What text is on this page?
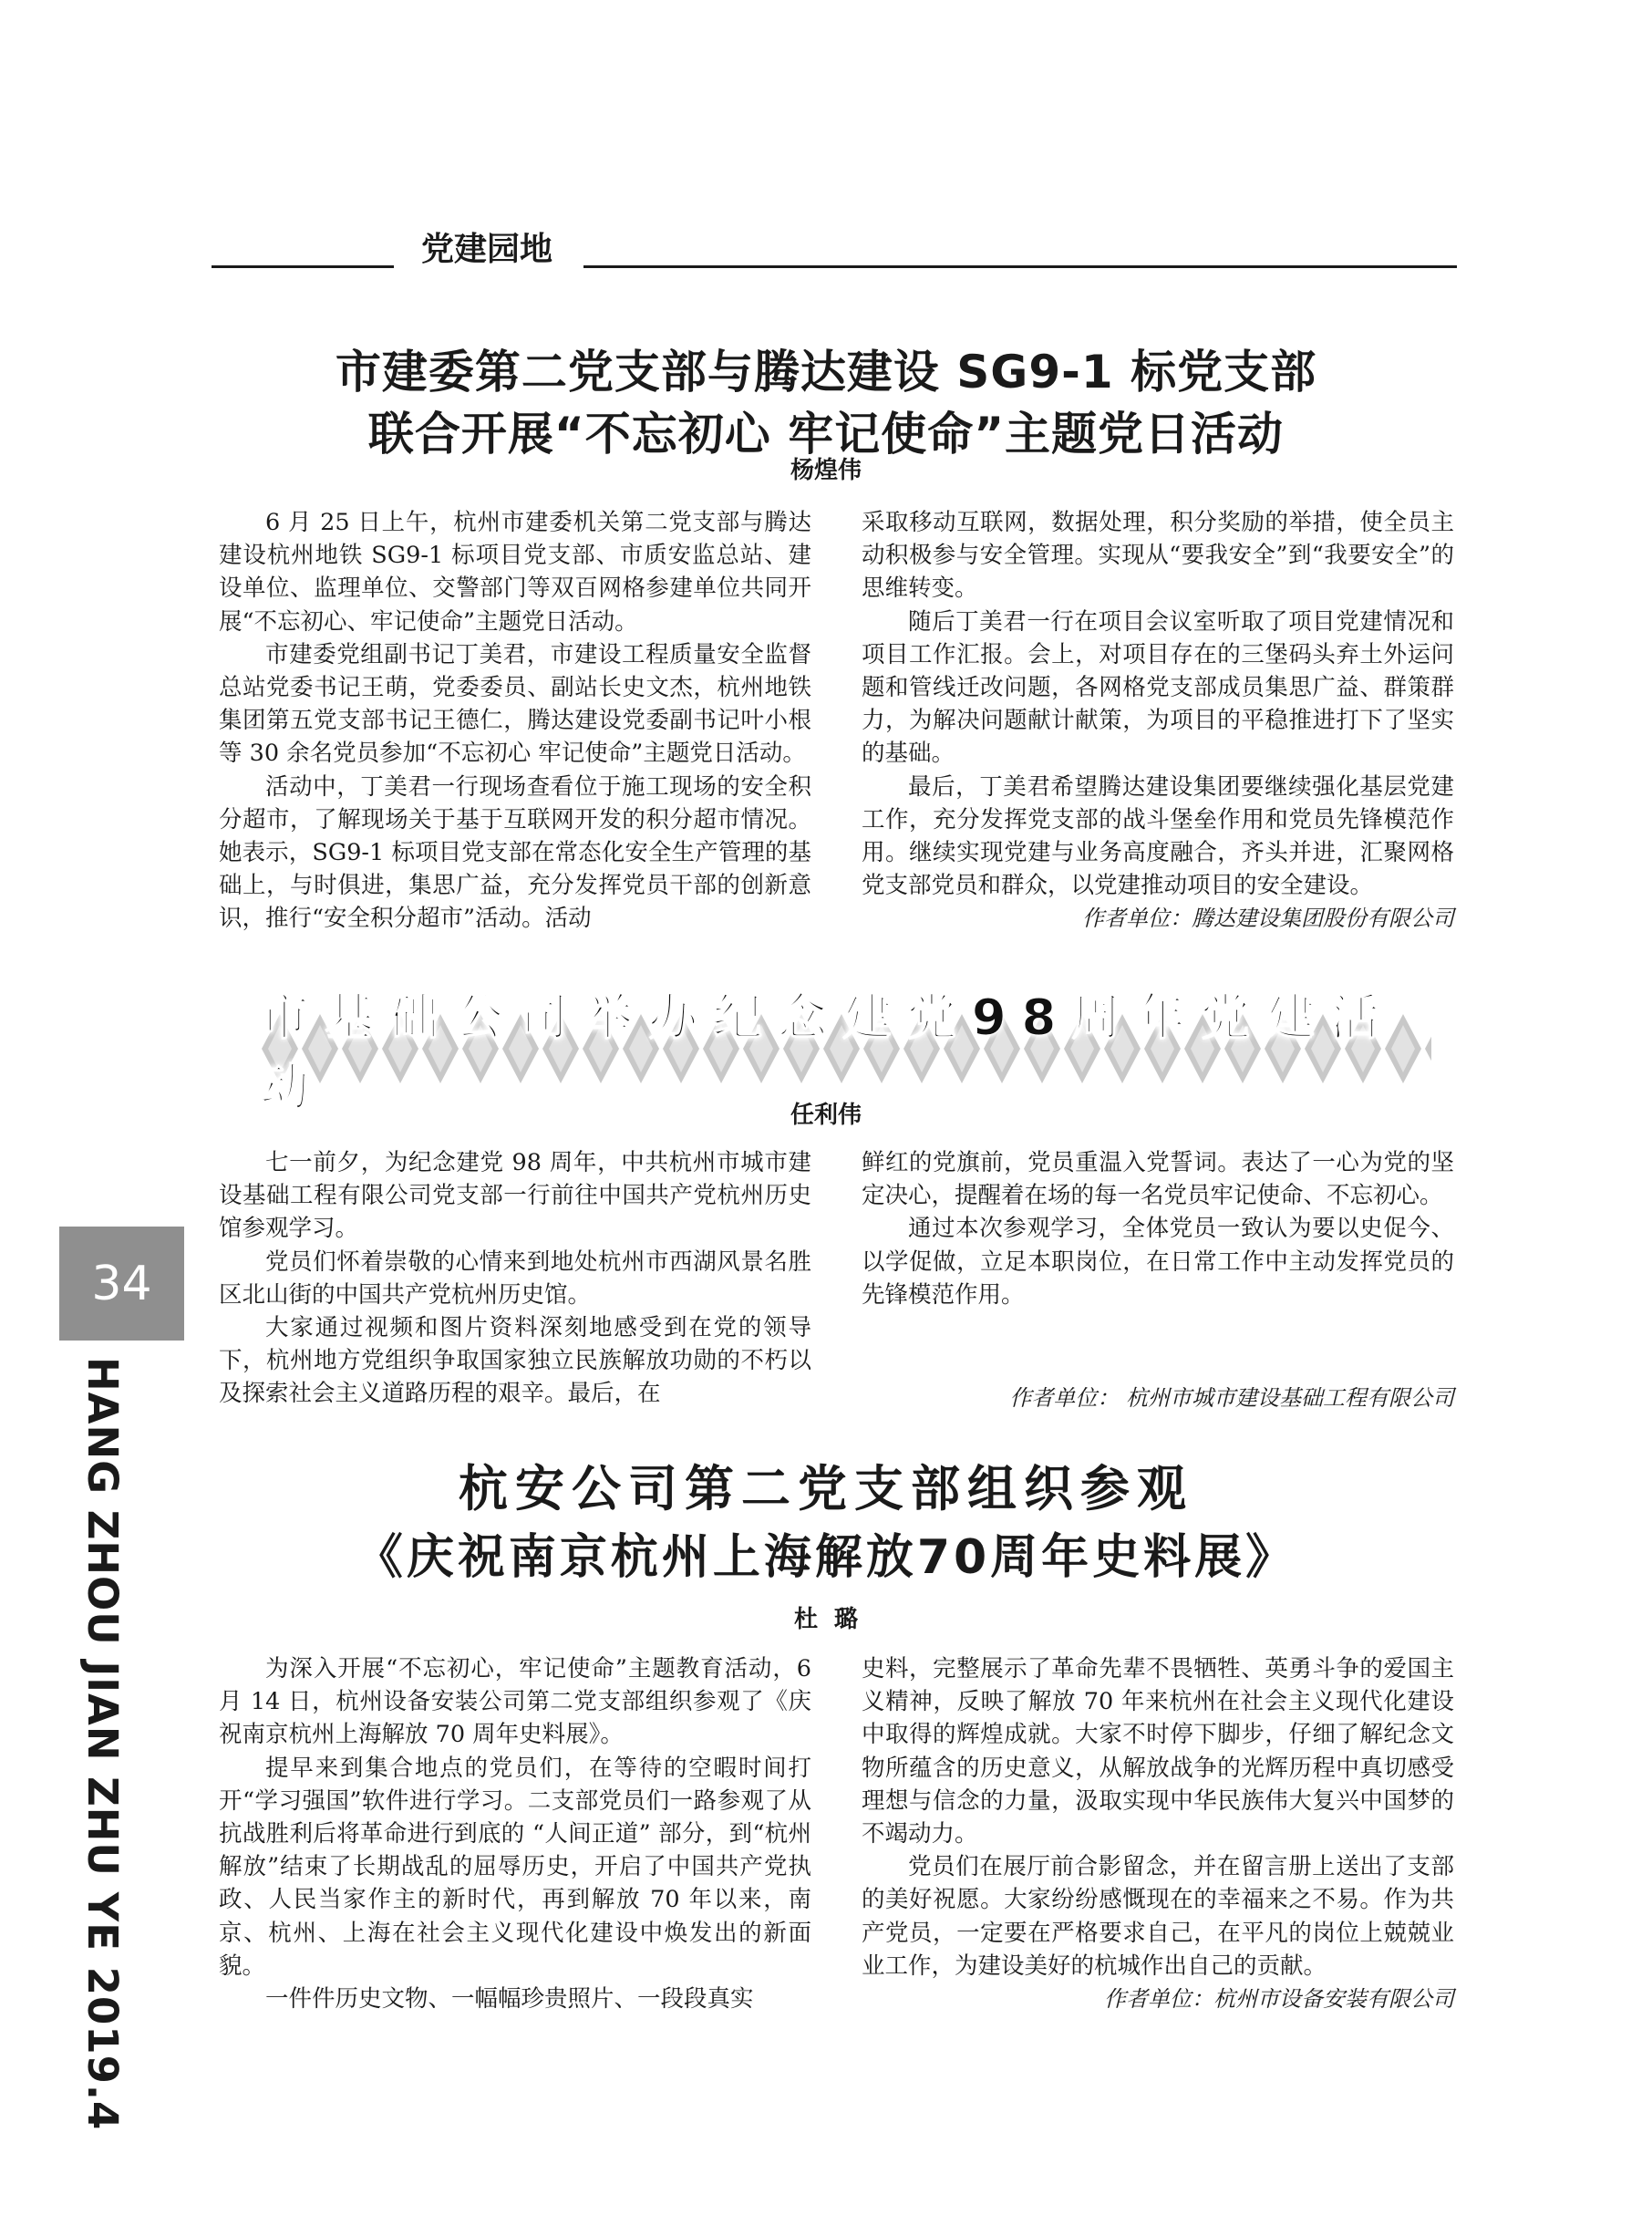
党建园地
市建委第二党支部与腾达建设 SG9-1 标党支部
联合开展“不忘初心 牢记使命”主题党日活动
杨煌伟

6 月 25 日上午，杭州市建委机关第二党支部与腾达建设杭州地铁 SG9-1 标项目党支部、市质安监总站、建设单位、监理单位、交警部门等双百网格参建单位共同开展“不忘初心、牢记使命”主题党日活动。

市建委党组副书记丁美君，市建设工程质量安全监督总站党委书记王萌，党委委员、副站长史文杰，杭州地铁集团第五党支部书记王德仁，腾达建设党委副书记叶小根等 30 余名党员参加“不忘初心 牢记使命”主题党日活动。

活动中，丁美君一行现场查看位于施工现场的安全积分超市，了解现场关于基于互联网开发的积分超市情况。她表示，SG9-1 标项目党支部在常态化安全生产管理的基础上，与时俱进，集思广益，充分发挥党员干部的创新意识，推行“安全积分超市”活动。活动

采取移动互联网，数据处理，积分奖励的举措，使全员主动积极参与安全管理。实现从“要我安全”到“我要安全”的思维转变。

随后丁美君一行在项目会议室听取了项目党建情况和项目工作汇报。会上，对项目存在的三堡码头弃土外运问题和管线迁改问题，各网格党支部成员集思广益、群策群力，为解决问题献计献策，为项目的平稳推进打下了坚实的基础。

最后，丁美君希望腾达建设集团要继续强化基层党建工作，充分发挥党支部的战斗堡垒作用和党员先锋模范作用。继续实现党建与业务高度融合，齐头并进，汇聚网格党支部党员和群众，以党建推动项目的安全建设。

作者单位：腾达建设集团股份有限公司

市基础公司举办纪念建党98周年党建活动	任利伟

七一前夕，为纪念建党 98 周年，中共杭州市城市建设基础工程有限公司党支部一行前往中国共产党杭州历史馆参观学习。

党员们怀着崇敬的心情来到地处杭州市西湖风景名胜区北山街的中国共产党杭州历史馆。

大家通过视频和图片资料深刻地感受到在党的领导下，杭州地方党组织争取国家独立民族解放功勋的不朽以及探索社会主义道路历程的艰辛。最后，在

鲜红的党旗前，党员重温入党誓词。表达了一心为党的坚定决心，提醒着在场的每一名党员牢记使命、不忘初心。

通过本次参观学习，全体党员一致认为要以史促今、以学促做，立足本职岗位，在日常工作中主动发挥党员的先锋模范作用。

作者单位： 杭州市城市建设基础工程有限公司

杭安公司第二党支部组织参观
《庆祝南京杭州上海解放70周年史料展》
杜  璐

为深入开展“不忘初心，牢记使命”主题教育活动，6 月 14 日，杭州设备安装公司第二党支部组织参观了《庆祝南京杭州上海解放 70 周年史料展》。

提早来到集合地点的党员们，在等待的空暇时间打开“学习强国”软件进行学习。二支部党员们一路参观了从抗战胜利后将革命进行到底的 “人间正道” 部分，到“杭州解放”结束了长期战乱的屈辱历史，开启了中国共产党执政、人民当家作主的新时代，再到解放 70 年以来，南京、杭州、上海在社会主义现代化建设中焕发出的新面貌。

一件件历史文物、一幅幅珍贵照片、一段段真实

史料，完整展示了革命先辈不畏牺牲、英勇斗争的爱国主义精神，反映了解放 70 年来杭州在社会主义现代化建设中取得的辉煌成就。大家不时停下脚步，仔细了解纪念文物所蕴含的历史意义，从解放战争的光辉历程中真切感受理想与信念的力量，汲取实现中华民族伟大复兴中国梦的不竭动力。

党员们在展厅前合影留念，并在留言册上送出了支部的美好祝愿。大家纷纷感慨现在的幸福来之不易。作为共产党员，一定要在严格要求自己，在平凡的岗位上兢兢业业工作，为建设美好的杭城作出自己的贡献。

作者单位：杭州市设备安装有限公司

34
HANG ZHOU JIAN ZHU YE 2019.4
